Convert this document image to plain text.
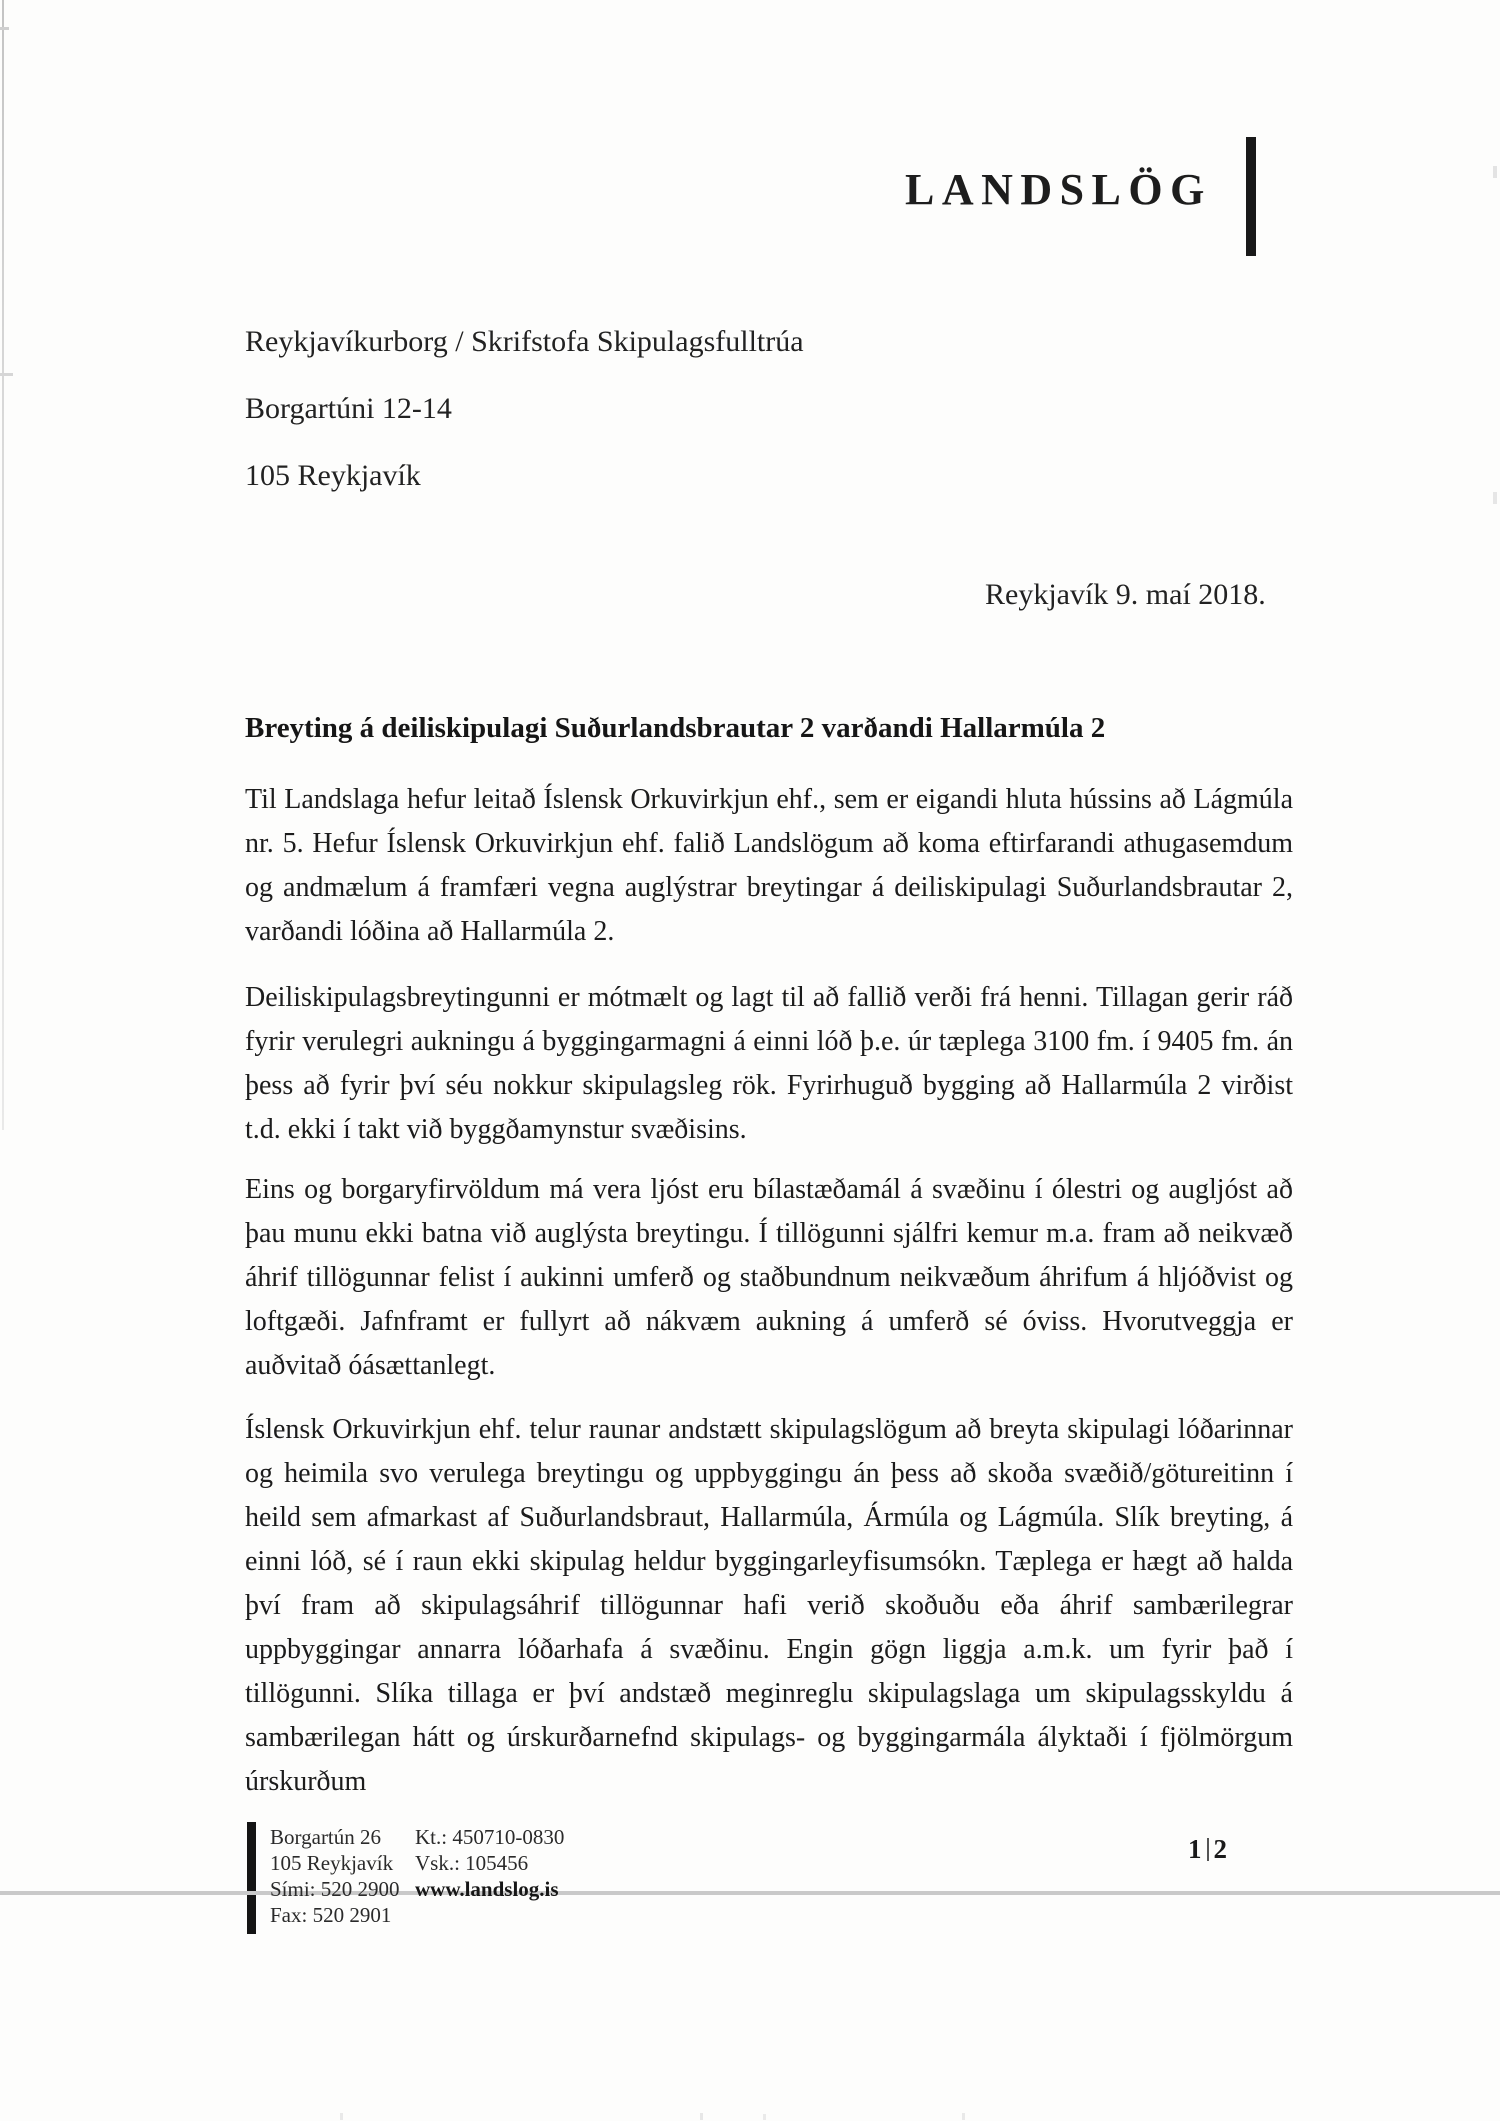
LANDSLÖG
Reykjavíkurborg / Skrifstofa Skipulagsfulltrúa
Borgartúni 12-14
105 Reykjavík
Reykjavík 9. maí 2018.
Breyting á deiliskipulagi Suðurlandsbrautar 2 varðandi Hallarmúla 2

Til Landslaga hefur leitað Íslensk Orkuvirkjun ehf., sem er eigandi hluta hússins að Lágmúla nr. 5. Hefur Íslensk Orkuvirkjun ehf. falið Landslögum að koma eftirfarandi athugasemdum og andmælum á framfæri vegna auglýstrar breytingar á deiliskipulagi Suðurlandsbrautar 2, varðandi lóðina að Hallarmúla 2.

Deiliskipulagsbreytingunni er mótmælt og lagt til að fallið verði frá henni. Tillagan gerir ráð fyrir verulegri aukningu á byggingarmagni á einni lóð þ.e. úr tæplega 3100 fm. í 9405 fm. án þess að fyrir því séu nokkur skipulagsleg rök. Fyrirhuguð bygging að Hallarmúla 2 virðist t.d. ekki í takt við byggðamynstur svæðisins.

Eins og borgaryfirvöldum má vera ljóst eru bílastæðamál á svæðinu í ólestri og augljóst að þau munu ekki batna við auglýsta breytingu. Í tillögunni sjálfri kemur m.a. fram að neikvæð áhrif tillögunnar felist í aukinni umferð og staðbundnum neikvæðum áhrifum á hljóðvist og loftgæði. Jafnframt er fullyrt að nákvæm aukning á umferð sé óviss. Hvorutveggja er auðvitað óásættanlegt.

Íslensk Orkuvirkjun ehf. telur raunar andstætt skipulagslögum að breyta skipulagi lóðarinnar og heimila svo verulega breytingu og uppbyggingu án þess að skoða svæðið/götureitinn í heild sem afmarkast af Suðurlandsbraut, Hallarmúla, Ármúla og Lágmúla. Slík breyting, á einni lóð, sé í raun ekki skipulag heldur byggingarleyfisumsókn. Tæplega er hægt að halda því fram að skipulagsáhrif tillögunnar hafi verið skoðuðu eða áhrif sambærilegrar uppbyggingar annarra lóðarhafa á svæðinu. Engin gögn liggja a.m.k. um fyrir það í tillögunni. Slíka tillaga er því andstæð meginreglu skipulagslaga um skipulagsskyldu á sambærilegan hátt og úrskurðarnefnd skipulags- og byggingarmála ályktaði í fjölmörgum úrskurðum

Borgartún 26
105 Reykjavík
Sími: 520 2900
Fax: 520 2901
Kt.: 450710-0830
Vsk.: 105456
www.landslog.is
1 2
